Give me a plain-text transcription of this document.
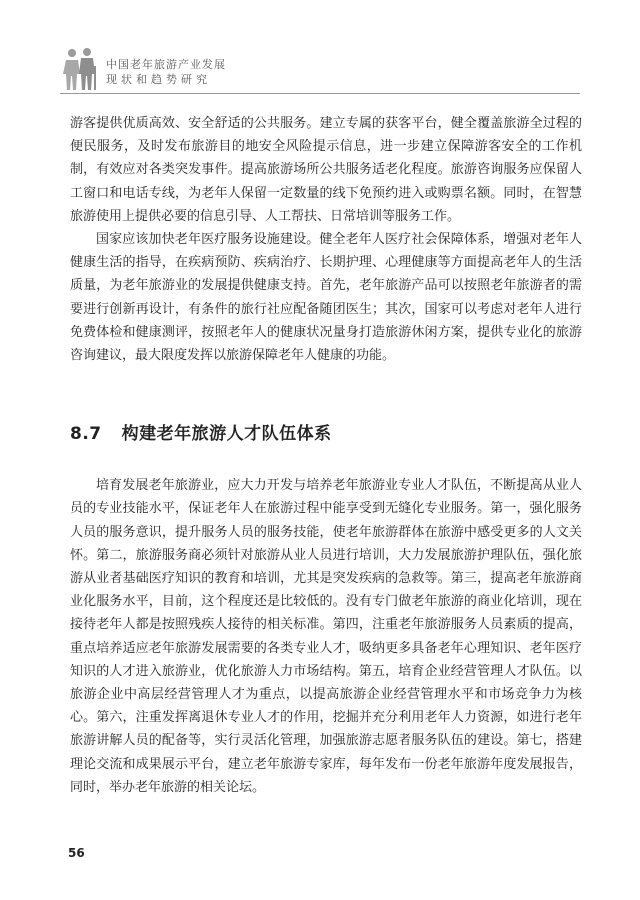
中国老年旅游产业发展
现状和趋势研究

游客提供优质高效、安全舒适的公共服务。建立专属的获客平台，健全覆盖旅游全过程的便民服务，及时发布旅游目的地安全风险提示信息，进一步建立保障游客安全的工作机制，有效应对各类突发事件。提高旅游场所公共服务适老化程度。旅游咨询服务应保留人工窗口和电话专线，为老年人保留一定数量的线下免预约进入或购票名额。同时，在智慧旅游使用上提供必要的信息引导、人工帮扶、日常培训等服务工作。

国家应该加快老年医疗服务设施建设。健全老年人医疗社会保障体系，增强对老年人健康生活的指导，在疾病预防、疾病治疗、长期护理、心理健康等方面提高老年人的生活质量，为老年旅游业的发展提供健康支持。首先，老年旅游产品可以按照老年旅游者的需要进行创新再设计，有条件的旅行社应配备随团医生；其次，国家可以考虑对老年人进行免费体检和健康测评，按照老年人的健康状况量身打造旅游休闲方案，提供专业化的旅游咨询建议，最大限度发挥以旅游保障老年人健康的功能。

8.7 构建老年旅游人才队伍体系

培育发展老年旅游业，应大力开发与培养老年旅游业专业人才队伍，不断提高从业人员的专业技能水平，保证老年人在旅游过程中能享受到无缝化专业服务。第一，强化服务人员的服务意识，提升服务人员的服务技能，使老年旅游群体在旅游中感受更多的人文关怀。第二，旅游服务商必须针对旅游从业人员进行培训，大力发展旅游护理队伍，强化旅游从业者基础医疗知识的教育和培训，尤其是突发疾病的急救等。第三，提高老年旅游商业化服务水平，目前，这个程度还是比较低的。没有专门做老年旅游的商业化培训，现在接待老年人都是按照残疾人接待的相关标准。第四，注重老年旅游服务人员素质的提高，重点培养适应老年旅游发展需要的各类专业人才，吸纳更多具备老年心理知识、老年医疗知识的人才进入旅游业，优化旅游人力市场结构。第五，培育企业经营管理人才队伍。以旅游企业中高层经营管理人才为重点，以提高旅游企业经营管理水平和市场竞争力为核心。第六，注重发挥离退休专业人才的作用，挖掘并充分利用老年人力资源，如进行老年旅游讲解人员的配备等，实行灵活化管理，加强旅游志愿者服务队伍的建设。第七，搭建理论交流和成果展示平台，建立老年旅游专家库，每年发布一份老年旅游年度发展报告，同时，举办老年旅游的相关论坛。

56
